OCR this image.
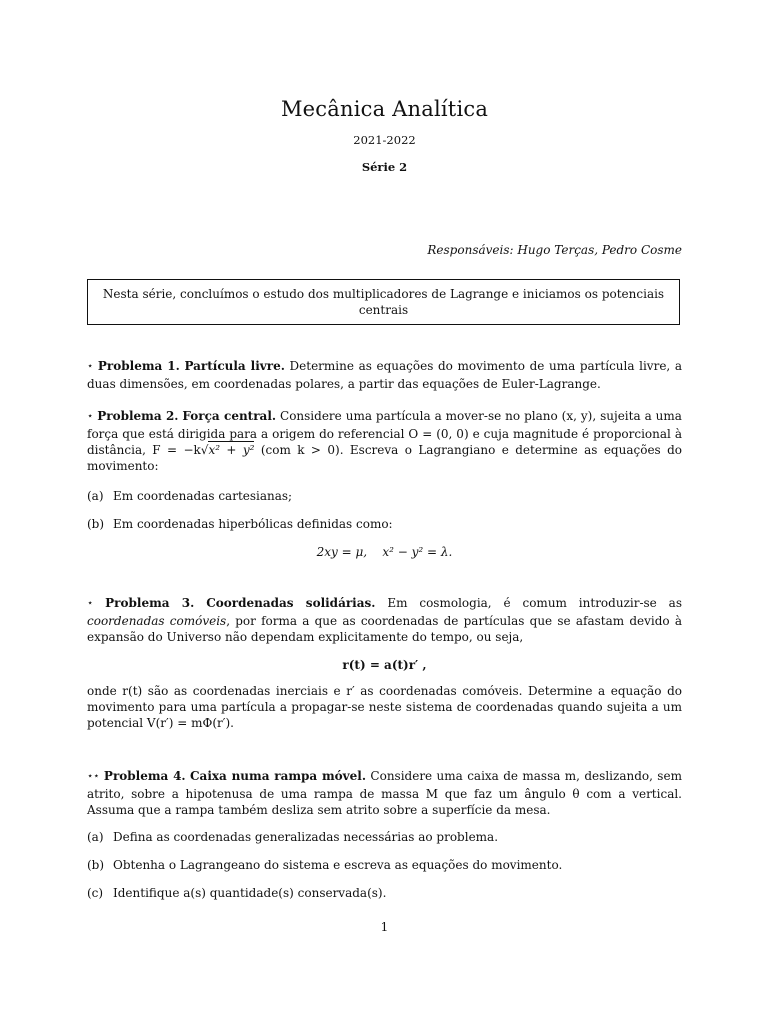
Mecânica Analítica
2021-2022
Série 2
Responsáveis: Hugo Terças, Pedro Cosme
Nesta série, concluímos o estudo dos multiplicadores de Lagrange e iniciamos os potenciais centrais
⋆ Problema 1. Partícula livre. Determine as equações do movimento de uma partícula livre, a duas dimensões, em coordenadas polares, a partir das equações de Euler-Lagrange.
⋆ Problema 2. Força central. Considere uma partícula a mover-se no plano (x, y), sujeita a uma força que está dirigida para a origem do referencial O = (0, 0) e cuja magnitude é proporcional à distância, F = −k√x² + y² (com k > 0). Escreva o Lagrangiano e determine as equações do movimento:
(a) Em coordenadas cartesianas;
(b) Em coordenadas hiperbólicas definidas como:
2xy = μ,    x² − y² = λ.
⋆ Problema 3. Coordenadas solidárias. Em cosmologia, é comum introduzir-se as coordenadas comóveis, por forma a que as coordenadas de partículas que se afastam devido à expansão do Universo não dependam explicitamente do tempo, ou seja,
r(t) = a(t)r′ ,
onde r(t) são as coordenadas inerciais e r′ as coordenadas comóveis. Determine a equação do movimento para uma partícula a propagar-se neste sistema de coordenadas quando sujeita a um potencial V(r′) = mΦ(r′).
⋆⋆ Problema 4. Caixa numa rampa móvel. Considere uma caixa de massa m, deslizando, sem atrito, sobre a hipotenusa de uma rampa de massa M que faz um ângulo θ com a vertical. Assuma que a rampa também desliza sem atrito sobre a superfície da mesa.
(a) Defina as coordenadas generalizadas necessárias ao problema.
(b) Obtenha o Lagrangeano do sistema e escreva as equações do movimento.
(c) Identifique a(s) quantidade(s) conservada(s).
1
